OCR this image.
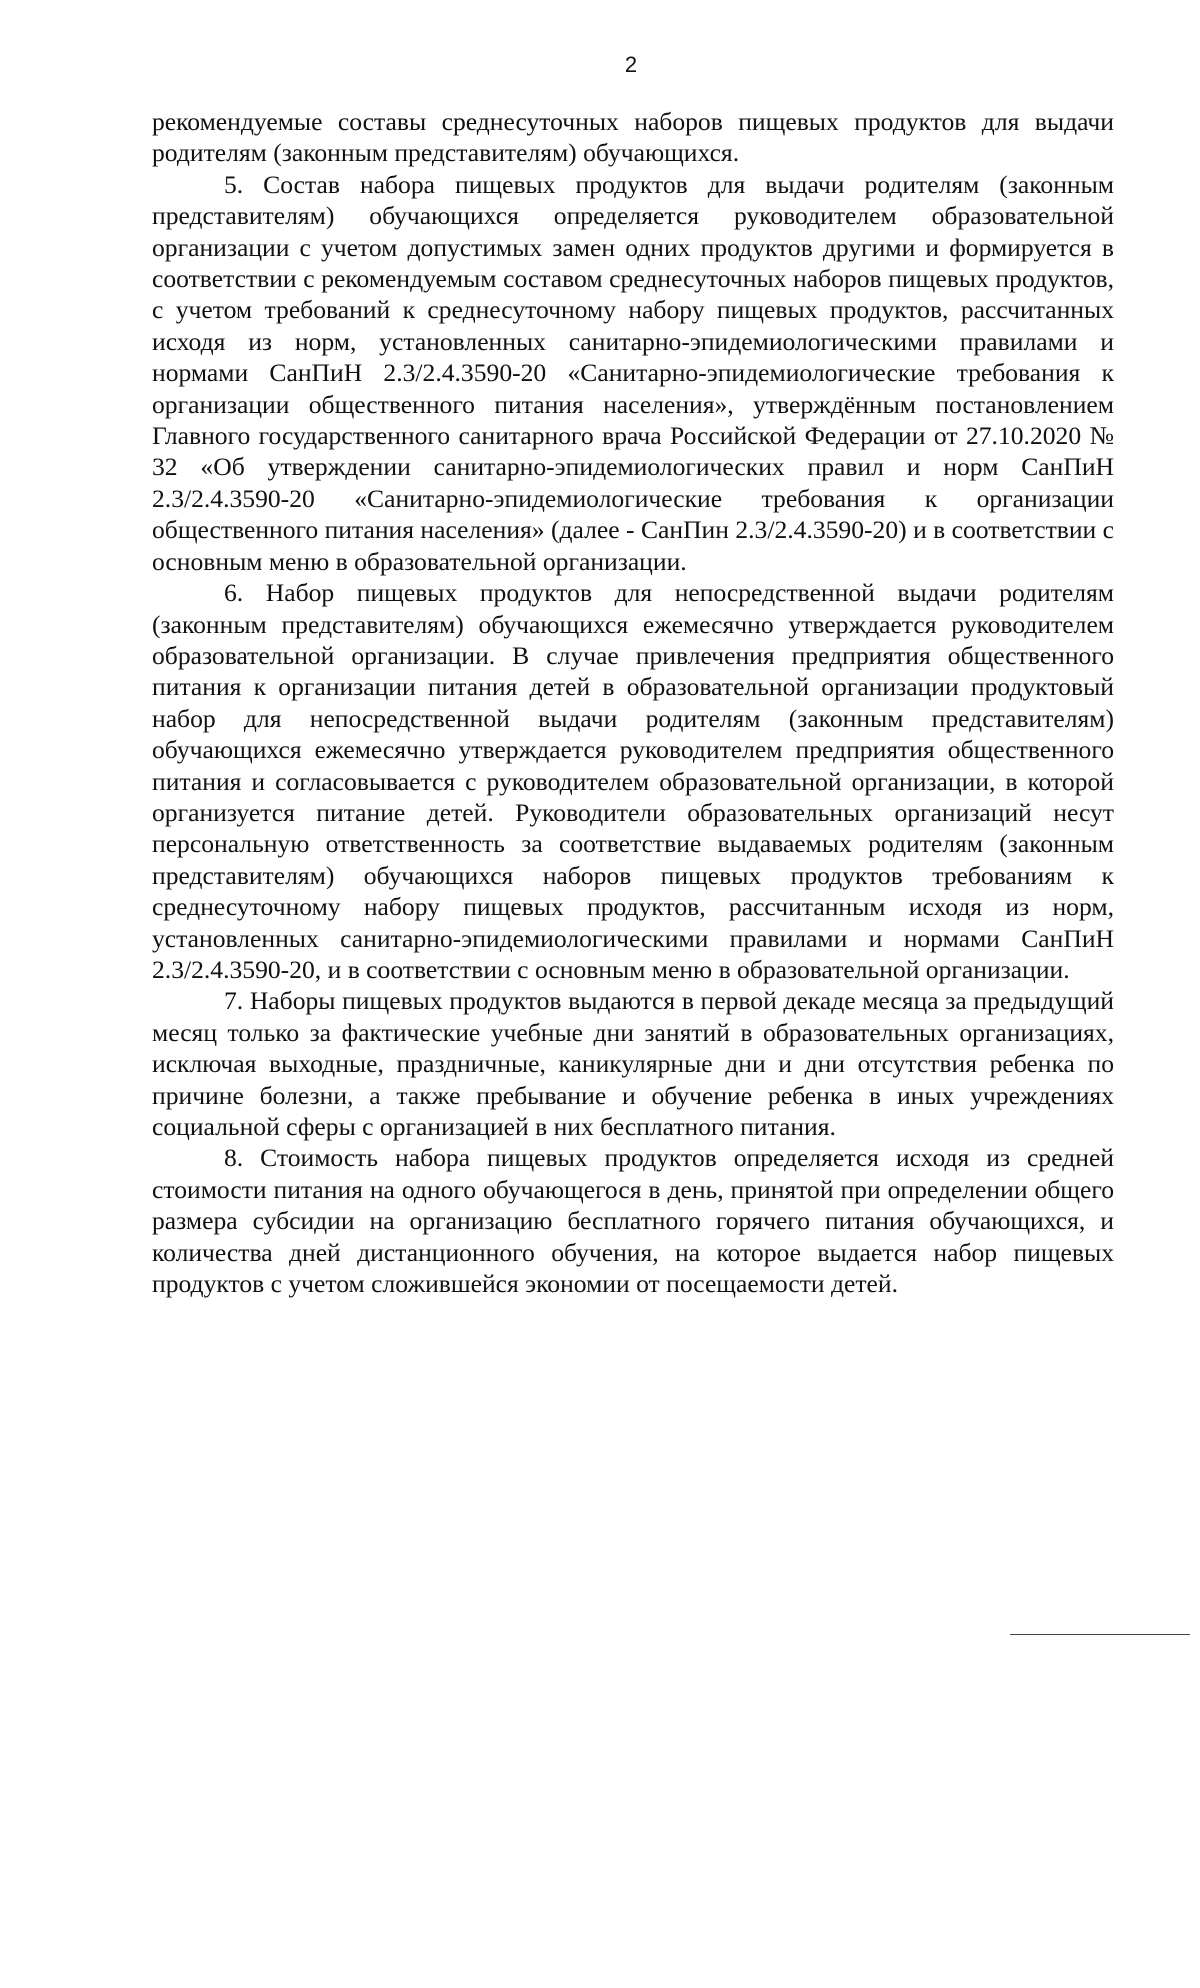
2

рекомендуемые составы среднесуточных наборов пищевых продуктов для выдачи родителям (законным представителям) обучающихся.

5. Состав набора пищевых продуктов для выдачи родителям (законным представителям) обучающихся определяется руководителем образовательной организации с учетом допустимых замен одних продуктов другими и формируется в соответствии с рекомендуемым составом среднесуточных наборов пищевых продуктов, с учетом требований к среднесуточному набору пищевых продуктов, рассчитанных исходя из норм, установленных санитарно-эпидемиологическими правилами и нормами СанПиН 2.3/2.4.3590-20 «Санитарно-эпидемиологические требования к организации общественного питания населения», утверждённым постановлением Главного государственного санитарного врача Российской Федерации от 27.10.2020 № 32 «Об утверждении санитарно-эпидемиологических правил и норм СанПиН 2.3/2.4.3590-20 «Санитарно-эпидемиологические требования к организации общественного питания населения» (далее - СанПин 2.3/2.4.3590-20) и в соответствии с основным меню в образовательной организации.

6. Набор пищевых продуктов для непосредственной выдачи родителям (законным представителям) обучающихся ежемесячно утверждается руководителем образовательной организации. В случае привлечения предприятия общественного питания к организации питания детей в образовательной организации продуктовый набор для непосредственной выдачи родителям (законным представителям) обучающихся ежемесячно утверждается руководителем предприятия общественного питания и согласовывается с руководителем образовательной организации, в которой организуется питание детей. Руководители образовательных организаций несут персональную ответственность за соответствие выдаваемых родителям (законным представителям) обучающихся наборов пищевых продуктов требованиям к среднесуточному набору пищевых продуктов, рассчитанным исходя из норм, установленных санитарно-эпидемиологическими правилами и нормами СанПиН 2.3/2.4.3590-20, и в соответствии с основным меню в образовательной организации.

7. Наборы пищевых продуктов выдаются в первой декаде месяца за предыдущий месяц только за фактические учебные дни занятий в образовательных организациях, исключая выходные, праздничные, каникулярные дни и дни отсутствия ребенка по причине болезни, а также пребывание и обучение ребенка в иных учреждениях социальной сферы с организацией в них бесплатного питания.

8. Стоимость набора пищевых продуктов определяется исходя из средней стоимости питания на одного обучающегося в день, принятой при определении общего размера субсидии на организацию бесплатного горячего питания обучающихся, и количества дней дистанционного обучения, на которое выдается набор пищевых продуктов с учетом сложившейся экономии от посещаемости детей.
